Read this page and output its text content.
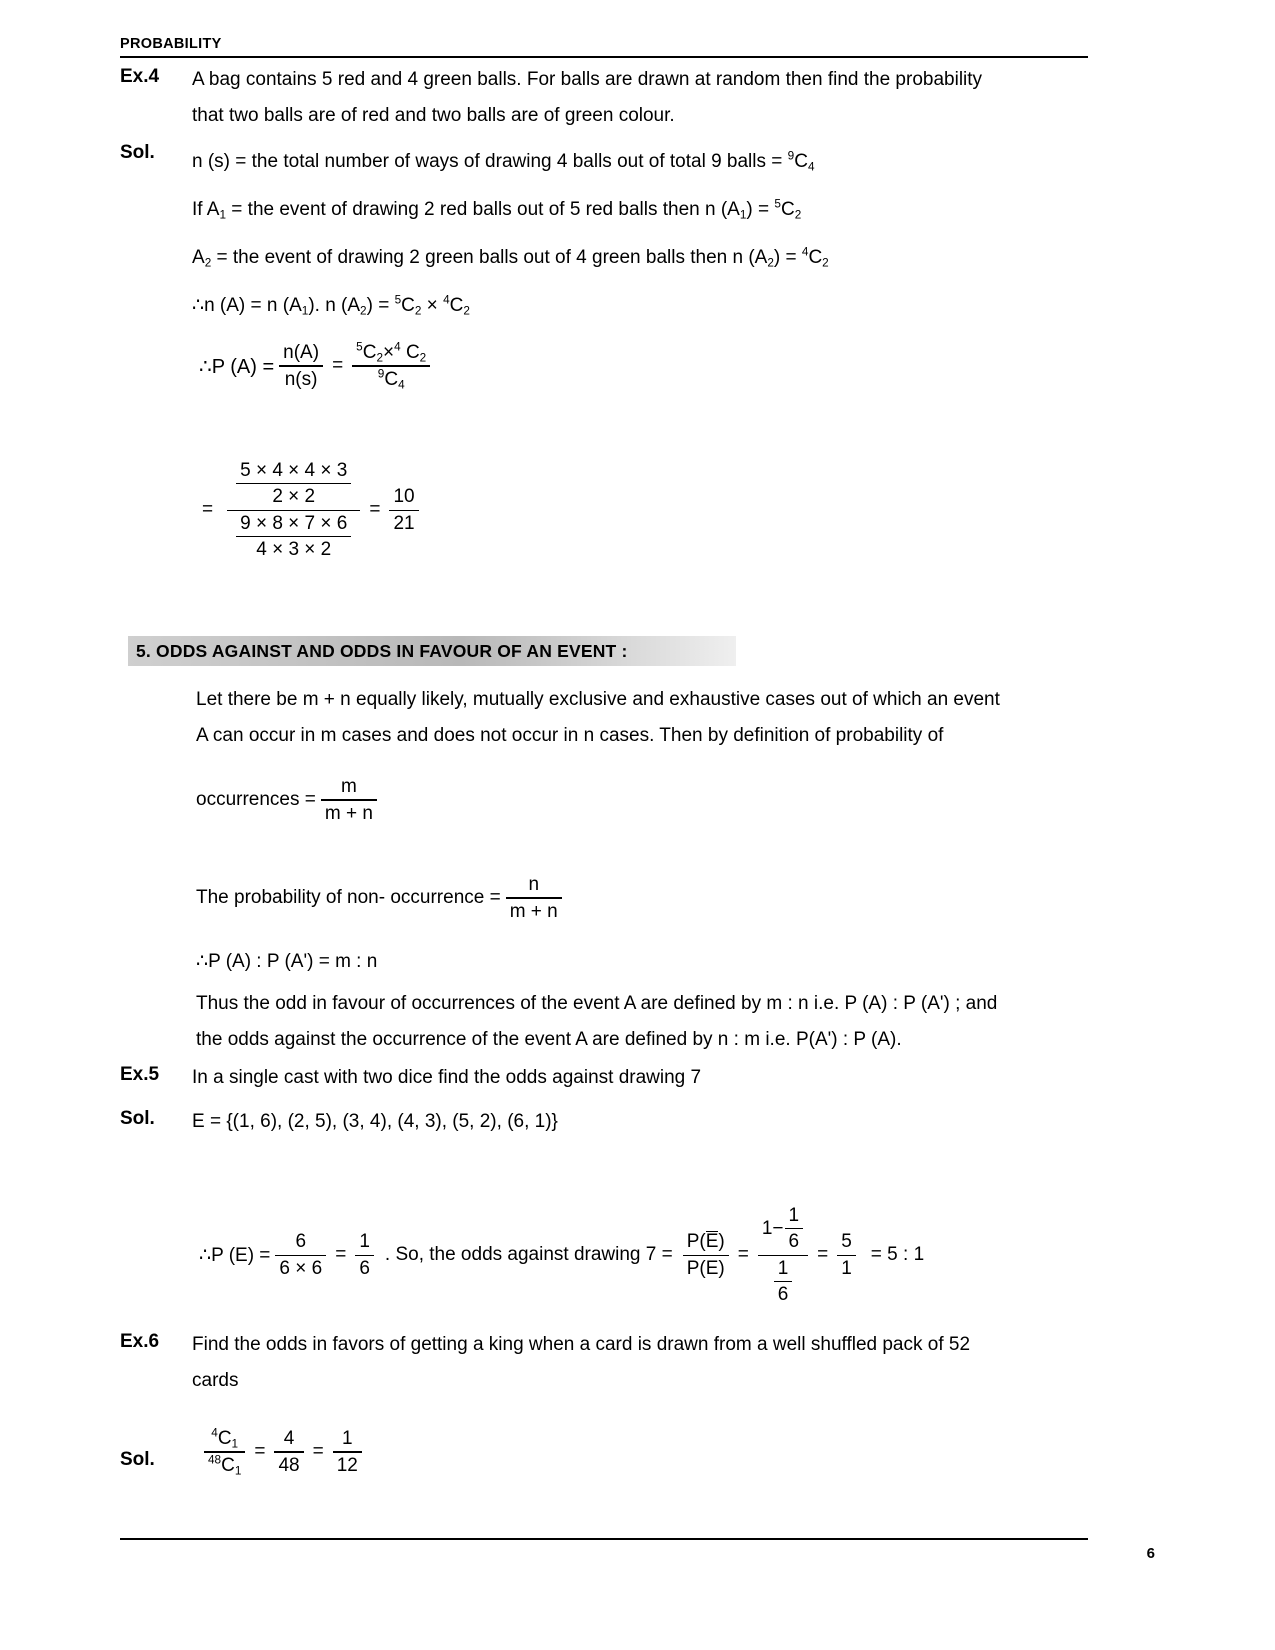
PROBABILITY
Ex.4	A bag contains 5 red and 4 green balls. For balls are drawn at random then find the probability
that two balls are of red and two balls are of green colour.
Sol.	n (s) = the total number of ways of drawing 4 balls out of total 9 balls = $^9C_4$
If $A_1$ = the event of drawing 2 red balls out of 5 red balls then n $(A_1) = ^5C_2$
$A_2$ = the event of drawing 2 green balls out of 4 green balls then n $(A_2) = ^4C_2$
∴n (A) = n $(A_1)$. n $(A_2) = ^5C_2 \times ^4C_2$
∴P $(A) = \frac{n(A)}{n(s)} = \frac{^5C_2\times^4 C_2}{^9C_4}$
= $\frac{\frac{5 \times 4 \times 4 \times 3}{2 \times 2}}{\frac{9 \times 8 \times 7 \times 6}{4 \times 3 \times 2}} = \frac{10}{21}$
5. ODDS AGAINST AND ODDS IN FAVOUR OF AN EVENT :
Let there be m + n equally likely, mutually exclusive and exhaustive cases out of which an event
A can occur in m cases and does not occur in n cases. Then by definition of probability of
occurrences = $\frac{m}{m + n}$
The probability of non- occurrence = $\frac{n}{m + n}$
∴P (A) : P (A') = m : n
Thus the odd in favour of occurrences of the event A are defined by m : n i.e. P (A) : P (A') ; and
the odds against the occurrence of the event A are defined by n : m i.e. P(A') : P (A).
Ex.5	In a single cast with two dice find the odds against drawing 7
Sol.	E = {(1, 6), (2, 5), (3, 4), (4, 3), (5, 2), (6, 1)}
∴P $(E) = \frac{6}{6 \times 6} = \frac{1}{6}$ . So, the odds against drawing $7 = \frac{P(E)}{P(E)} = \frac{1- \frac{1}{6}}{\frac{1}{6}} = \frac{5}{1} = 5$ : 1
Ex.6	Find the odds in favors of getting a king when a card is drawn from a well shuffled pack of 52
cards
Sol.	$\frac{^4C_1}{^{48}C_1} = \frac{4}{48} = \frac{1}{12}$
6
